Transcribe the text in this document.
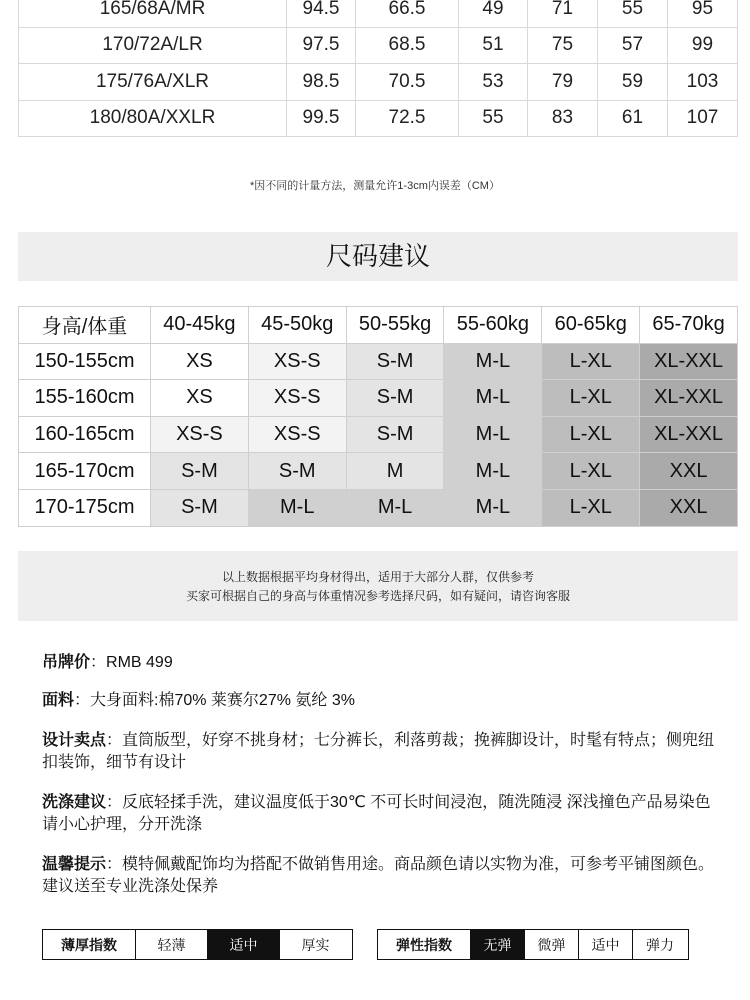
165/68A/MR	94.5	66.5	49	71	55	95
170/72A/LR	97.5	68.5	51	75	57	99
175/76A/XLR	98.5	70.5	53	79	59	103
180/80A/XXLR	99.5	72.5	55	83	61	107
*因不同的计量方法，测量允许1-3cm内误差（CM）
尺码建议
身高/体重	40-45kg	45-50kg	50-55kg	55-60kg	60-65kg	65-70kg
150-155cm	XS	XS-S	S-M	M-L	L-XL	XL-XXL
155-160cm	XS	XS-S	S-M	M-L	L-XL	XL-XXL
160-165cm	XS-S	XS-S	S-M	M-L	L-XL	XL-XXL
165-170cm	S-M	S-M	M	M-L	L-XL	XXL
170-175cm	S-M	M-L	M-L	M-L	L-XL	XXL
以上数据根据平均身材得出，适用于大部分人群，仅供参考
买家可根据自己的身高与体重情况参考选择尺码，如有疑问，请咨询客服
吊牌价：RMB 499
面料：大身面料:棉70% 莱赛尔27% 氨纶 3%
设计卖点：直筒版型，好穿不挑身材；七分裤长，利落剪裁；挽裤脚设计，时髦有特点；侧兜纽扣装饰，细节有设计
洗涤建议：反底轻揉手洗，建议温度低于30℃ 不可长时间浸泡，随洗随浸 深浅撞色产品易染色 请小心护理，分开洗涤
温馨提示：模特佩戴配饰均为搭配不做销售用途。商品颜色请以实物为准，可参考平铺图颜色。建议送至专业洗涤处保养
薄厚指数	轻薄	适中	厚实	弹性指数	无弹	微弹	适中	弹力
